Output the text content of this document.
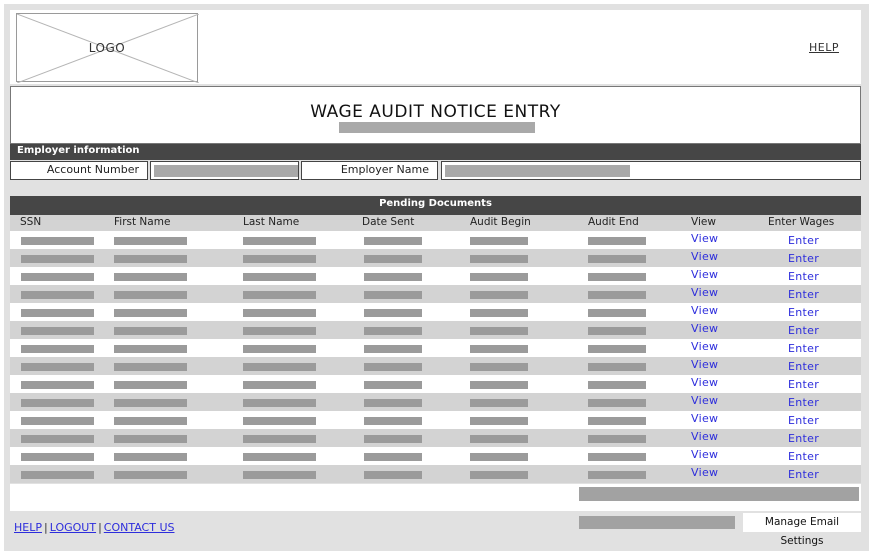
LOGO	HELP
WAGE AUDIT NOTICE ENTRY
Employer information
Account Number	Employer Name
Pending Documents
SSN	First Name	Last Name	Date Sent	Audit Begin	Audit End	View	Enter Wages
View	Enter
View	Enter
View	Enter
View	Enter
View	Enter
View	Enter
View	Enter
View	Enter
View	Enter
View	Enter
View	Enter
View	Enter
View	Enter
View	Enter
Manage Email Settings
HELP | LOGOUT | CONTACT US
